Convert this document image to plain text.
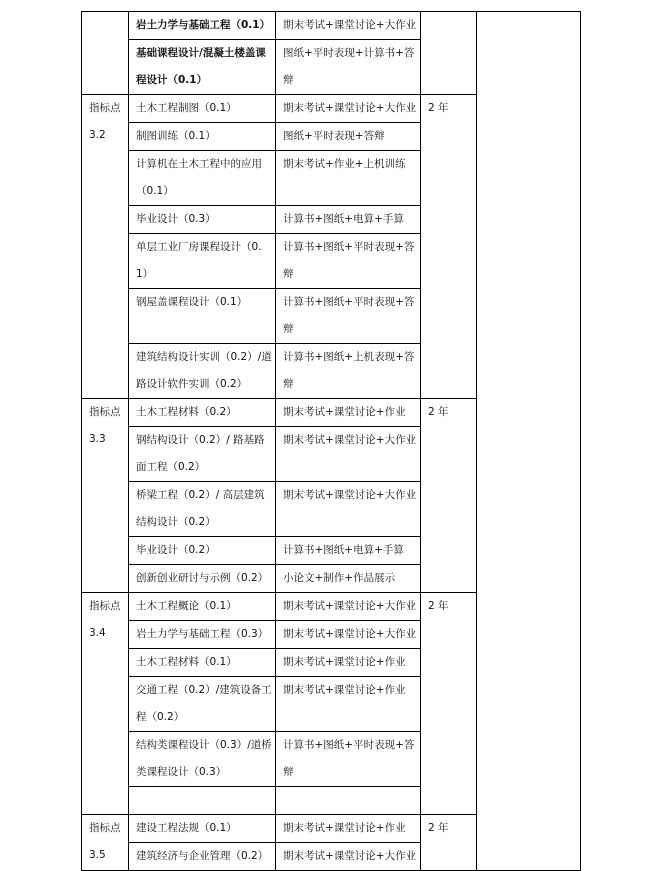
	岩土力学与基础工程（0.1）	期末考试+课堂讨论+大作业		

	基础课程设计/混凝土楼盖课程设计（0.1）	图纸+平时表现+计算书+答辩		

指标点
3.2	土木工程制图（0.1）	期末考试+课堂讨论+大作业	2 年	

	制图训练（0.1）	图纸+平时表现+答辩		

	计算机在土木工程中的应用（0.1）	期末考试+作业+上机训练		

	毕业设计（0.3）	计算书+图纸+电算+手算		

	单层工业厂房课程设计（0.1）	计算书+图纸+平时表现+答辩		

	钢屋盖课程设计（0.1）	计算书+图纸+平时表现+答辩		

	建筑结构设计实训（0.2）/道路设计软件实训（0.2）	计算书+图纸+上机表现+答辩		

指标点
3.3	土木工程材料（0.2）	期末考试+课堂讨论+作业	2 年	

	钢结构设计（0.2）/ 路基路面工程（0.2）	期末考试+课堂讨论+大作业		

	桥梁工程（0.2）/ 高层建筑结构设计（0.2）	期末考试+课堂讨论+大作业		

	毕业设计（0.2）	计算书+图纸+电算+手算		

	创新创业研讨与示例（0.2）	小论文+制作+作品展示		

指标点
3.4	土木工程概论（0.1）	期末考试+课堂讨论+大作业	2 年	

	岩土力学与基础工程（0.3）	期末考试+课堂讨论+大作业		

	土木工程材料（0.1）	期末考试+课堂讨论+作业		

	交通工程（0.2）/建筑设备工程（0.2）	期末考试+课堂讨论+作业		

	结构类课程设计（0.3）/道桥类课程设计（0.3）	计算书+图纸+平时表现+答辩		

指标点
3.5	建设工程法规（0.1）	期末考试+课堂讨论+作业	2 年	

	建筑经济与企业管理（0.2）	期末考试+课堂讨论+大作业		
